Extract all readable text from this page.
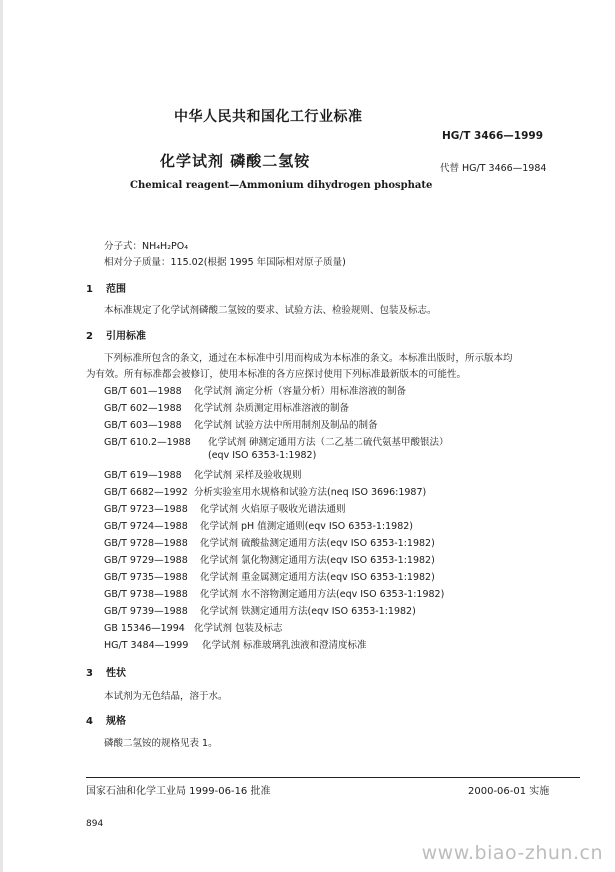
中华人民共和国化工行业标准
HG/T 3466—1999
化学试剂 磷酸二氢铵	代替 HG/T 3466—1984
Chemical reagent—Ammonium dihydrogen phosphate
分子式：NH₄H₂PO₄
相对分子质量：115.02(根据 1995 年国际相对原子质量)
1 范围
本标准规定了化学试剂磷酸二氢铵的要求、试验方法、检验规则、包装及标志。
2 引用标准
下列标准所包含的条文，通过在本标准中引用而构成为本标准的条文。本标准出版时，所示版本均
为有效。所有标准都会被修订，使用本标准的各方应探讨使用下列标准最新版本的可能性。
GB/T 601—1988 化学试剂 滴定分析（容量分析）用标准溶液的制备
GB/T 602—1988 化学试剂 杂质测定用标准溶液的制备
GB/T 603—1988 化学试剂 试验方法中所用制剂及制品的制备
GB/T 610.2—1988 化学试剂 砷测定通用方法（二乙基二硫代氨基甲酸银法）
(eqv ISO 6353-1:1982)
GB/T 619—1988 化学试剂 采样及验收规则
GB/T 6682—1992 分析实验室用水规格和试验方法(neq ISO 3696:1987)
GB/T 9723—1988 化学试剂 火焰原子吸收光谱法通则
GB/T 9724—1988 化学试剂 pH 值测定通则(eqv ISO 6353-1:1982)
GB/T 9728—1988 化学试剂 硫酸盐测定通用方法(eqv ISO 6353-1:1982)
GB/T 9729—1988 化学试剂 氯化物测定通用方法(eqv ISO 6353-1:1982)
GB/T 9735—1988 化学试剂 重金属测定通用方法(eqv ISO 6353-1:1982)
GB/T 9738—1988 化学试剂 水不溶物测定通用方法(eqv ISO 6353-1:1982)
GB/T 9739—1988 化学试剂 铁测定通用方法(eqv ISO 6353-1:1982)
GB 15346—1994 化学试剂 包装及标志
HG/T 3484—1999 化学试剂 标准玻璃乳浊液和澄清度标准
3 性状
本试剂为无色结晶，溶于水。
4 规格
磷酸二氢铵的规格见表 1。
国家石油和化学工业局 1999-06-16 批准	2000-06-01 实施
894
www.biao-zhun.cn
